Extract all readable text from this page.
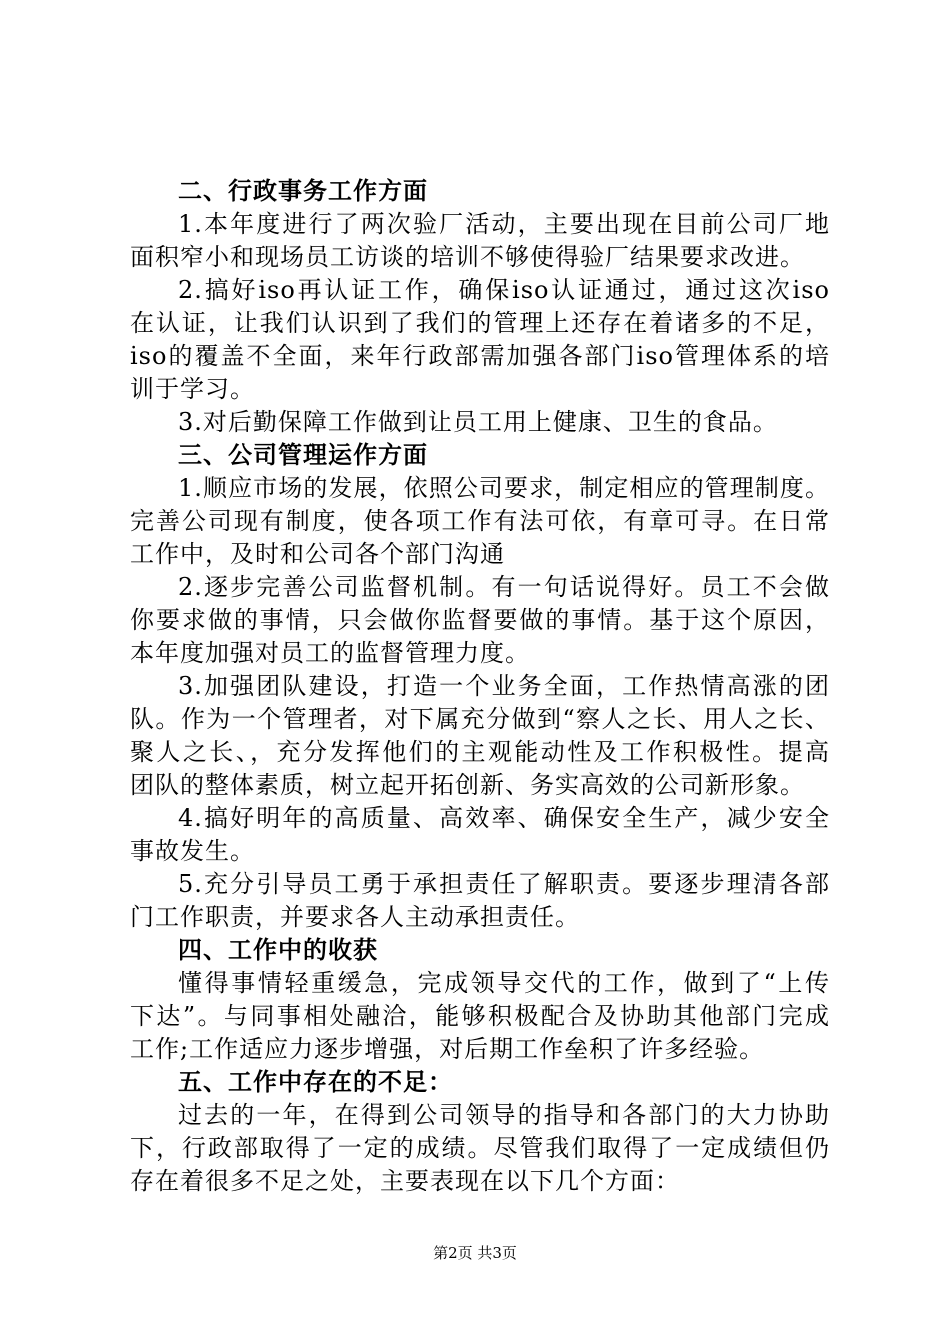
二、行政事务工作方面
1.本年度进行了两次验厂活动，主要出现在目前公司厂地
面积窄小和现场员工访谈的培训不够使得验厂结果要求改进。
2.搞好iso再认证工作，确保iso认证通过，通过这次iso
在认证，让我们认识到了我们的管理上还存在着诸多的不足，
iso的覆盖不全面，来年行政部需加强各部门iso管理体系的培
训于学习。
3.对后勤保障工作做到让员工用上健康、卫生的食品。
三、公司管理运作方面
1.顺应市场的发展，依照公司要求，制定相应的管理制度。
完善公司现有制度，使各项工作有法可依，有章可寻。在日常
工作中，及时和公司各个部门沟通
2.逐步完善公司监督机制。有一句话说得好。员工不会做
你要求做的事情，只会做你监督要做的事情。基于这个原因，
本年度加强对员工的监督管理力度。
3.加强团队建设，打造一个业务全面，工作热情高涨的团
队。作为一个管理者，对下属充分做到“察人之长、用人之长、
聚人之长、，充分发挥他们的主观能动性及工作积极性。提高
团队的整体素质，树立起开拓创新、务实高效的公司新形象。
4.搞好明年的高质量、高效率、确保安全生产，减少安全
事故发生。
5.充分引导员工勇于承担责任了解职责。要逐步理清各部
门工作职责，并要求各人主动承担责任。
四、工作中的收获
懂得事情轻重缓急，完成领导交代的工作，做到了“上传
下达”。与同事相处融洽，能够积极配合及协助其他部门完成
工作;工作适应力逐步增强，对后期工作垒积了许多经验。
五、工作中存在的不足：
过去的一年，在得到公司领导的指导和各部门的大力协助
下，行政部取得了一定的成绩。尽管我们取得了一定成绩但仍
存在着很多不足之处，主要表现在以下几个方面：
第2页 共3页
